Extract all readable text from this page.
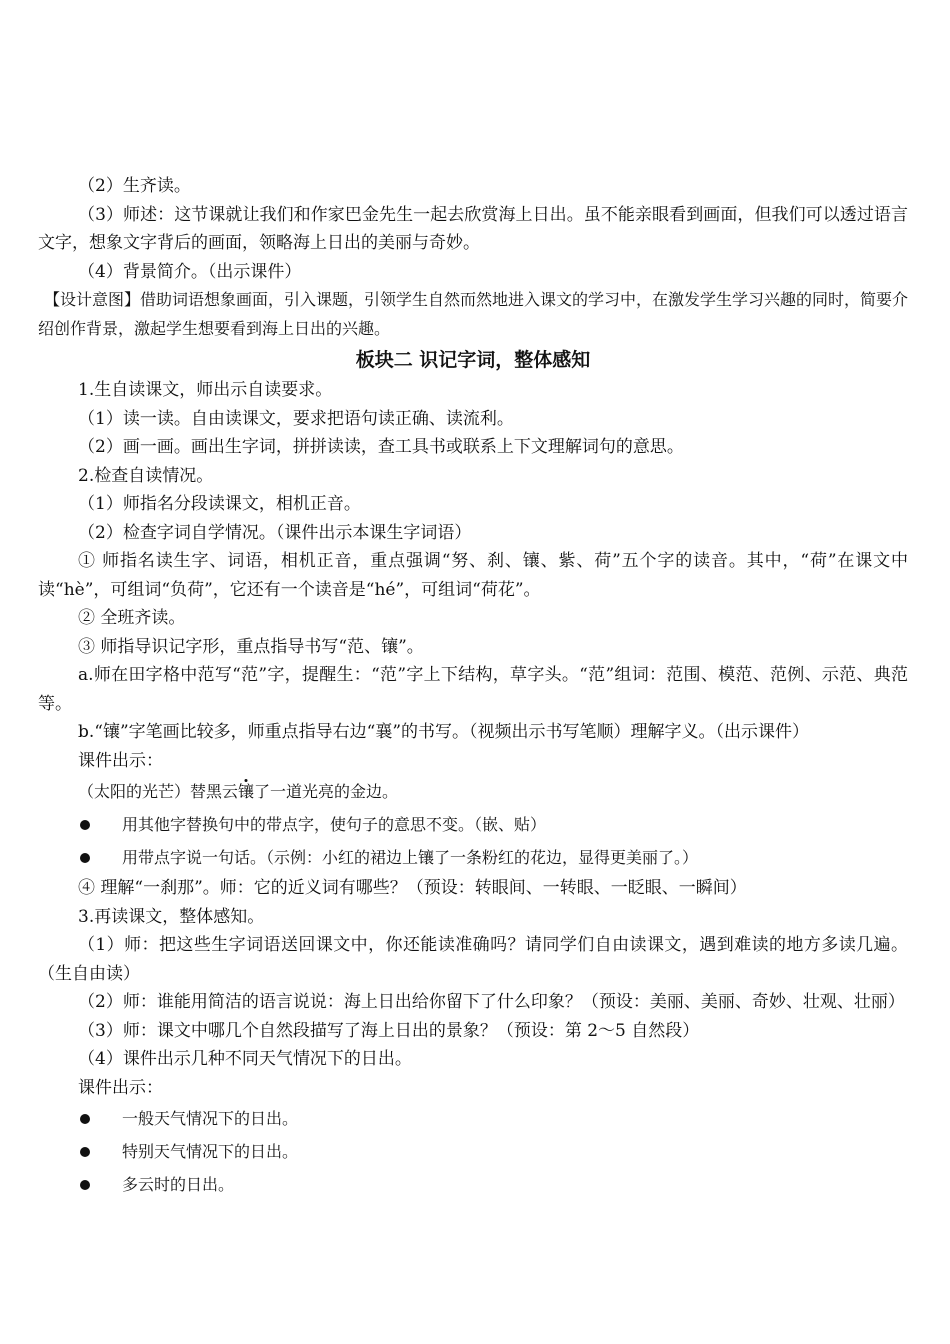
（2）生齐读。

（3）师述：这节课就让我们和作家巴金先生一起去欣赏海上日出。虽不能亲眼看到画面，但我们可以透过语言文字，想象文字背后的画面，领略海上日出的美丽与奇妙。

（4）背景简介。（出示课件）

【设计意图】借助词语想象画面，引入课题，引领学生自然而然地进入课文的学习中，在激发学生学习兴趣的同时，简要介绍创作背景，激起学生想要看到海上日出的兴趣。

板块二 识记字词，整体感知

1.生自读课文，师出示自读要求。

（1）读一读。自由读课文，要求把语句读正确、读流利。

（2）画一画。画出生字词，拼拼读读，查工具书或联系上下文理解词句的意思。

2.检查自读情况。

（1）师指名分段读课文，相机正音。

（2）检查字词自学情况。（课件出示本课生字词语）

① 师指名读生字、词语，相机正音，重点强调“努、刹、镶、紫、荷”五个字的读音。其中，“荷”在课文中读“hè”，可组词“负荷”，它还有一个读音是“hé”，可组词“荷花”。

② 全班齐读。

③ 师指导识记字形，重点指导书写“范、镶”。

a.师在田字格中范写“范”字，提醒生：“范”字上下结构，草字头。“范”组词：范围、模范、范例、示范、典范等。

b.“镶”字笔画比较多，师重点指导右边“襄”的书写。（视频出示书写笔顺）理解字义。（出示课件）

课件出示：

（太阳的光芒）替黑云镶了一道光亮的金边。

用其他字替换句中的带点字，使句子的意思不变。（嵌、贴）
用带点字说一句话。（示例：小红的裙边上镶了一条粉红的花边，显得更美丽了。）

④ 理解“一刹那”。师：它的近义词有哪些？（预设：转眼间、一转眼、一眨眼、一瞬间）

3.再读课文，整体感知。

（1）师：把这些生字词语送回课文中，你还能读准确吗？请同学们自由读课文，遇到难读的地方多读几遍。（生自由读）

（2）师：谁能用简洁的语言说说：海上日出给你留下了什么印象？（预设：美丽、美丽、奇妙、壮观、壮丽）

（3）师：课文中哪几个自然段描写了海上日出的景象？（预设：第 2～5 自然段）

（4）课件出示几种不同天气情况下的日出。

课件出示：

一般天气情况下的日出。
特别天气情况下的日出。
多云时的日出。
